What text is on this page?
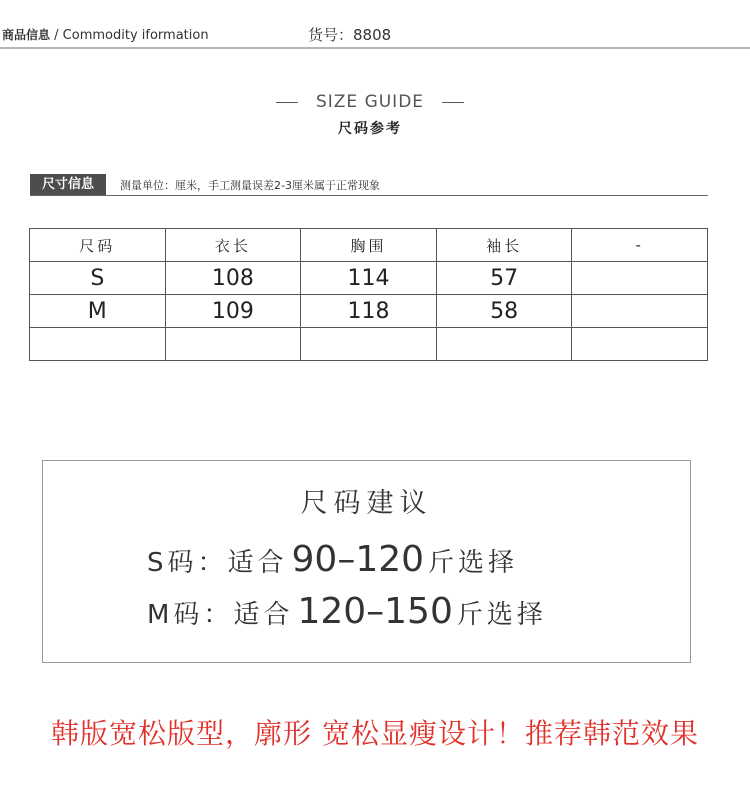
商品信息 / Commodity iformation	货号：8808
SIZE GUIDE
尺码参考
尺寸信息	测量单位：厘米，手工测量误差2-3厘米属于正常现象
尺码	衣长	胸围	袖长	-
S	108	114	57	
M	109	118	58	

尺码建议
S码：适合 90–120 斤选择
M码：适合 120–150 斤选择
韩版宽松版型，廓形 宽松显瘦设计！推荐韩范效果
